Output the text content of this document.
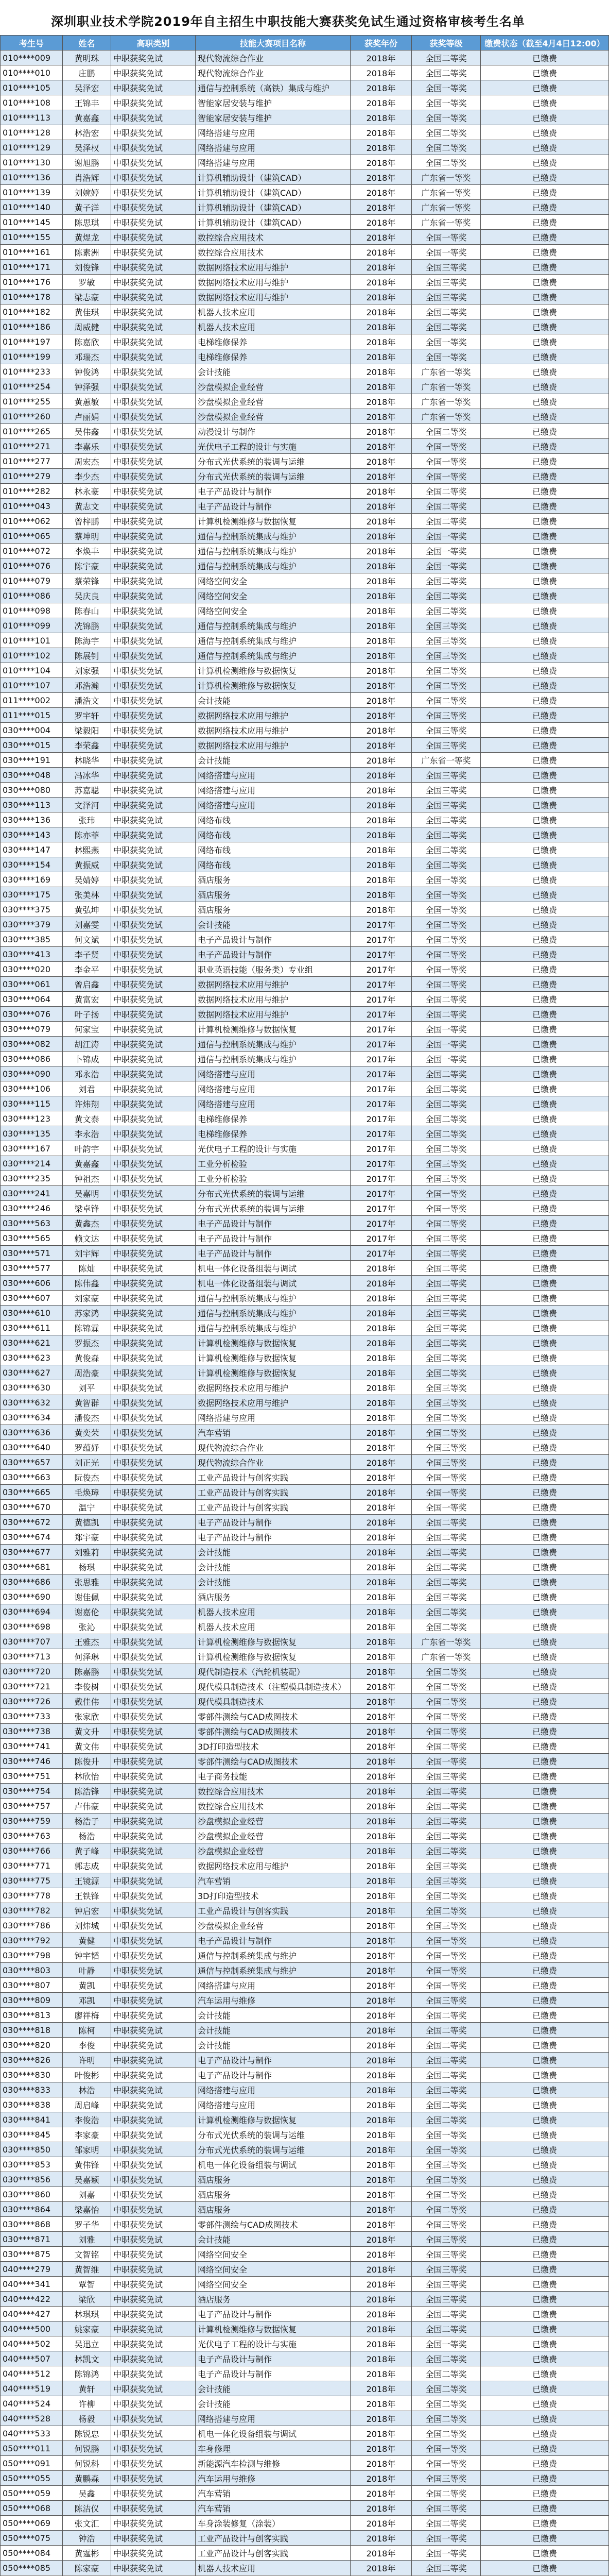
深圳职业技术学院2019年自主招生中职技能大赛获奖免试生通过资格审核考生名单
考生号	姓名	高职类别	技能大赛项目名称	获奖年份	获奖等级	缴费状态（截至4月4日12:00）
010****009	黄明珠	中职获奖免试	现代物流综合作业	2018年	全国二等奖	已缴费
010****010	庄鹏	中职获奖免试	现代物流综合作业	2018年	全国二等奖	已缴费
010****105	吴泽宏	中职获奖免试	通信与控制系统（高铁）集成与维护	2018年	全国一等奖	已缴费
010****108	王锦丰	中职获奖免试	智能家居安装与维护	2018年	全国一等奖	已缴费
010****113	黄嘉鑫	中职获奖免试	智能家居安装与维护	2018年	全国一等奖	已缴费
010****128	林浩宏	中职获奖免试	网络搭建与应用	2018年	全国二等奖	已缴费
010****129	吴泽权	中职获奖免试	网络搭建与应用	2018年	全国二等奖	已缴费
010****130	谢旭鹏	中职获奖免试	网络搭建与应用	2018年	全国二等奖	已缴费
010****136	肖浩辉	中职获奖免试	计算机辅助设计（建筑CAD）	2018年	广东省一等奖	已缴费
010****139	刘婉婷	中职获奖免试	计算机辅助设计（建筑CAD）	2018年	广东省一等奖	已缴费
010****140	黄子洋	中职获奖免试	计算机辅助设计（建筑CAD）	2018年	广东省一等奖	已缴费
010****145	陈思琪	中职获奖免试	计算机辅助设计（建筑CAD）	2018年	广东省一等奖	已缴费
010****155	黄煜龙	中职获奖免试	数控综合应用技术	2018年	全国一等奖	已缴费
010****161	陈素洲	中职获奖免试	数控综合应用技术	2018年	全国一等奖	已缴费
010****171	刘俊锋	中职获奖免试	数据网络技术应用与维护	2018年	全国三等奖	已缴费
010****176	罗敏	中职获奖免试	数据网络技术应用与维护	2018年	全国三等奖	已缴费
010****178	梁志豪	中职获奖免试	数据网络技术应用与维护	2018年	全国三等奖	已缴费
010****182	黄佳琪	中职获奖免试	机器人技术应用	2018年	全国二等奖	已缴费
010****186	周威健	中职获奖免试	机器人技术应用	2018年	全国二等奖	已缴费
010****197	陈嘉欣	中职获奖免试	电梯维修保养	2018年	全国一等奖	已缴费
010****199	邓瑞杰	中职获奖免试	电梯维修保养	2018年	全国一等奖	已缴费
010****233	钟俊鸿	中职获奖免试	会计技能	2018年	广东省一等奖	已缴费
010****254	钟泽强	中职获奖免试	沙盘模拟企业经营	2018年	广东省一等奖	已缴费
010****255	黄蕙敏	中职获奖免试	沙盘模拟企业经营	2018年	广东省一等奖	已缴费
010****260	卢丽娟	中职获奖免试	沙盘模拟企业经营	2018年	广东省一等奖	已缴费
010****265	吴伟鑫	中职获奖免试	动漫设计与制作	2018年	全国二等奖	已缴费
010****271	李嘉乐	中职获奖免试	光伏电子工程的设计与实施	2018年	全国一等奖	已缴费
010****277	周宏杰	中职获奖免试	分布式光伏系统的装调与运维	2018年	全国一等奖	已缴费
010****279	李少杰	中职获奖免试	分布式光伏系统的装调与运维	2018年	全国一等奖	已缴费
010****282	林永豪	中职获奖免试	电子产品设计与制作	2018年	全国二等奖	已缴费
010****043	黄志文	中职获奖免试	电子产品设计与制作	2018年	全国二等奖	已缴费
010****062	曾梓鹏	中职获奖免试	计算机检测维修与数据恢复	2018年	全国二等奖	已缴费
010****065	蔡坤明	中职获奖免试	通信与控制系统集成与维护	2018年	全国一等奖	已缴费
010****072	李焕丰	中职获奖免试	通信与控制系统集成与维护	2018年	全国一等奖	已缴费
010****076	陈宇豪	中职获奖免试	通信与控制系统集成与维护	2018年	全国一等奖	已缴费
010****079	蔡荣锋	中职获奖免试	网络空间安全	2018年	全国二等奖	已缴费
010****086	吴庆良	中职获奖免试	网络空间安全	2018年	全国二等奖	已缴费
010****098	陈春山	中职获奖免试	网络空间安全	2018年	全国二等奖	已缴费
010****099	冼锦鹏	中职获奖免试	通信与控制系统集成与维护	2018年	全国三等奖	已缴费
010****101	陈海宇	中职获奖免试	通信与控制系统集成与维护	2018年	全国三等奖	已缴费
010****102	陈展钊	中职获奖免试	通信与控制系统集成与维护	2018年	全国三等奖	已缴费
010****104	刘家强	中职获奖免试	计算机检测维修与数据恢复	2018年	全国二等奖	已缴费
010****107	邓浩瀚	中职获奖免试	计算机检测维修与数据恢复	2018年	全国二等奖	已缴费
011****002	潘浩文	中职获奖免试	会计技能	2018年	全国二等奖	已缴费
011****015	罗宇轩	中职获奖免试	数据网络技术应用与维护	2018年	全国三等奖	已缴费
030****004	梁毅阳	中职获奖免试	数据网络技术应用与维护	2018年	全国三等奖	已缴费
030****015	李荣鑫	中职获奖免试	数据网络技术应用与维护	2018年	全国三等奖	已缴费
030****191	林晓华	中职获奖免试	会计技能	2018年	广东省一等奖	已缴费
030****048	冯冰华	中职获奖免试	网络搭建与应用	2018年	全国三等奖	已缴费
030****080	苏嘉聪	中职获奖免试	网络搭建与应用	2018年	全国三等奖	已缴费
030****113	文泽河	中职获奖免试	网络搭建与应用	2018年	全国三等奖	已缴费
030****136	张玮	中职获奖免试	网络布线	2018年	全国二等奖	已缴费
030****143	陈亦菲	中职获奖免试	网络布线	2018年	全国二等奖	已缴费
030****147	林熙燕	中职获奖免试	网络布线	2018年	全国二等奖	已缴费
030****154	黄振威	中职获奖免试	网络布线	2018年	全国二等奖	已缴费
030****169	吴婧婷	中职获奖免试	酒店服务	2018年	全国一等奖	已缴费
030****175	张美林	中职获奖免试	酒店服务	2018年	全国一等奖	已缴费
030****375	黄弘坤	中职获奖免试	酒店服务	2018年	全国一等奖	已缴费
030****379	刘嘉雯	中职获奖免试	会计技能	2017年	全国二等奖	已缴费
030****385	何文斌	中职获奖免试	电子产品设计与制作	2017年	全国二等奖	已缴费
030****413	李子贤	中职获奖免试	电子产品设计与制作	2017年	全国二等奖	已缴费
030****020	李金平	中职获奖免试	职业英语技能（服务类）专业组	2017年	全国一等奖	已缴费
030****061	曾启鑫	中职获奖免试	数据网络技术应用与维护	2017年	全国二等奖	已缴费
030****064	黄富宏	中职获奖免试	数据网络技术应用与维护	2017年	全国二等奖	已缴费
030****076	叶子扬	中职获奖免试	数据网络技术应用与维护	2017年	全国二等奖	已缴费
030****079	何家宝	中职获奖免试	计算机检测维修与数据恢复	2017年	全国一等奖	已缴费
030****082	胡江涛	中职获奖免试	通信与控制系统集成与维护	2017年	全国一等奖	已缴费
030****086	卜锦成	中职获奖免试	通信与控制系统集成与维护	2017年	全国一等奖	已缴费
030****090	邓永浩	中职获奖免试	网络搭建与应用	2017年	全国二等奖	已缴费
030****106	刘君	中职获奖免试	网络搭建与应用	2017年	全国二等奖	已缴费
030****115	许炜翔	中职获奖免试	网络搭建与应用	2017年	全国二等奖	已缴费
030****123	黄文泰	中职获奖免试	电梯维修保养	2017年	全国二等奖	已缴费
030****135	李永浩	中职获奖免试	电梯维修保养	2017年	全国二等奖	已缴费
030****167	叶韵宇	中职获奖免试	光伏电子工程的设计与实施	2017年	全国二等奖	已缴费
030****214	黄嘉鑫	中职获奖免试	工业分析检验	2017年	全国三等奖	已缴费
030****235	钟祖杰	中职获奖免试	工业分析检验	2017年	全国三等奖	已缴费
030****241	吴嘉明	中职获奖免试	分布式光伏系统的装调与运维	2017年	全国一等奖	已缴费
030****246	梁卓锋	中职获奖免试	分布式光伏系统的装调与运维	2017年	全国一等奖	已缴费
030****563	黄鑫杰	中职获奖免试	电子产品设计与制作	2017年	全国二等奖	已缴费
030****565	赖文达	中职获奖免试	电子产品设计与制作	2017年	全国二等奖	已缴费
030****571	刘宇辉	中职获奖免试	电子产品设计与制作	2017年	全国二等奖	已缴费
030****577	陈灿	中职获奖免试	机电一体化设备组装与调试	2018年	全国二等奖	已缴费
030****606	陈伟鑫	中职获奖免试	机电一体化设备组装与调试	2018年	全国二等奖	已缴费
030****607	刘家豪	中职获奖免试	通信与控制系统集成与维护	2018年	全国三等奖	已缴费
030****610	苏家鸿	中职获奖免试	通信与控制系统集成与维护	2018年	全国三等奖	已缴费
030****611	陈锦霖	中职获奖免试	通信与控制系统集成与维护	2018年	全国三等奖	已缴费
030****621	罗振杰	中职获奖免试	计算机检测维修与数据恢复	2018年	全国二等奖	已缴费
030****623	黄俊森	中职获奖免试	计算机检测维修与数据恢复	2018年	全国二等奖	已缴费
030****627	周浩豪	中职获奖免试	计算机检测维修与数据恢复	2018年	全国二等奖	已缴费
030****630	刘平	中职获奖免试	数据网络技术应用与维护	2018年	全国三等奖	已缴费
030****632	黄智群	中职获奖免试	数据网络技术应用与维护	2018年	全国三等奖	已缴费
030****634	潘俊杰	中职获奖免试	网络搭建与应用	2018年	全国二等奖	已缴费
030****636	黄奕荣	中职获奖免试	汽车营销	2018年	全国二等奖	已缴费
030****640	罗蕴妤	中职获奖免试	现代物流综合作业	2018年	全国三等奖	已缴费
030****657	刘正光	中职获奖免试	现代物流综合作业	2018年	全国三等奖	已缴费
030****663	阮俊杰	中职获奖免试	工业产品设计与创客实践	2018年	全国一等奖	已缴费
030****665	毛焕璋	中职获奖免试	工业产品设计与创客实践	2018年	全国一等奖	已缴费
030****670	温宁	中职获奖免试	工业产品设计与创客实践	2018年	全国一等奖	已缴费
030****672	黄德凯	中职获奖免试	电子产品设计与制作	2018年	全国二等奖	已缴费
030****674	郑宇豪	中职获奖免试	电子产品设计与制作	2018年	全国二等奖	已缴费
030****677	刘雅莉	中职获奖免试	会计技能	2018年	全国二等奖	已缴费
030****681	杨琪	中职获奖免试	会计技能	2018年	全国二等奖	已缴费
030****686	张思雅	中职获奖免试	会计技能	2018年	全国二等奖	已缴费
030****690	谢佳佩	中职获奖免试	酒店服务	2018年	全国三等奖	已缴费
030****694	谢嘉伦	中职获奖免试	机器人技术应用	2018年	全国二等奖	已缴费
030****698	张沁	中职获奖免试	机器人技术应用	2018年	全国二等奖	已缴费
030****707	王雅杰	中职获奖免试	计算机检测维修与数据恢复	2018年	广东省一等奖	已缴费
030****713	何泽琳	中职获奖免试	计算机检测维修与数据恢复	2018年	广东省一等奖	已缴费
030****720	陈嘉鹏	中职获奖免试	现代制造技术（汽轮机装配）	2018年	全国二等奖	已缴费
030****721	李俊树	中职获奖免试	现代模具制造技术（注塑模具制造技术）	2018年	全国二等奖	已缴费
030****726	戴佳伟	中职获奖免试	现代模具制造技术	2018年	全国二等奖	已缴费
030****733	张家欣	中职获奖免试	零部件测绘与CAD成图技术	2018年	全国二等奖	已缴费
030****738	黄文升	中职获奖免试	零部件测绘与CAD成图技术	2018年	全国二等奖	已缴费
030****741	黄文伟	中职获奖免试	3D打印造型技术	2018年	全国二等奖	已缴费
030****746	陈俊升	中职获奖免试	零部件测绘与CAD成图技术	2018年	全国一等奖	已缴费
030****751	林欣怡	中职获奖免试	电子商务技能	2018年	全国三等奖	已缴费
030****754	陈浩锋	中职获奖免试	数控综合应用技术	2018年	全国二等奖	已缴费
030****757	卢伟豪	中职获奖免试	数控综合应用技术	2018年	全国二等奖	已缴费
030****759	杨浩子	中职获奖免试	沙盘模拟企业经营	2018年	全国二等奖	已缴费
030****763	杨浩	中职获奖免试	沙盘模拟企业经营	2018年	全国二等奖	已缴费
030****766	黄子峰	中职获奖免试	沙盘模拟企业经营	2018年	全国二等奖	已缴费
030****771	郭志成	中职获奖免试	数据网络技术应用与维护	2018年	全国三等奖	已缴费
030****775	王镜源	中职获奖免试	汽车营销	2018年	全国三等奖	已缴费
030****778	王铁锋	中职获奖免试	3D打印造型技术	2018年	全国二等奖	已缴费
030****782	钟启宏	中职获奖免试	工业产品设计与创客实践	2018年	全国二等奖	已缴费
030****786	刘炜城	中职获奖免试	沙盘模拟企业经营	2018年	全国三等奖	已缴费
030****792	黄健	中职获奖免试	电子产品设计与制作	2018年	全国一等奖	已缴费
030****798	钟宇韬	中职获奖免试	通信与控制系统集成与维护	2018年	全国一等奖	已缴费
030****803	叶静	中职获奖免试	通信与控制系统集成与维护	2018年	全国一等奖	已缴费
030****807	黄凯	中职获奖免试	网络搭建与应用	2018年	全国一等奖	已缴费
030****809	邓凯	中职获奖免试	汽车运用与维修	2018年	全国三等奖	已缴费
030****813	廖祥梅	中职获奖免试	会计技能	2018年	全国二等奖	已缴费
030****818	陈柯	中职获奖免试	会计技能	2018年	全国二等奖	已缴费
030****820	李俊	中职获奖免试	会计技能	2018年	全国二等奖	已缴费
030****826	许明	中职获奖免试	电子产品设计与制作	2018年	全国二等奖	已缴费
030****830	叶俊彬	中职获奖免试	电子产品设计与制作	2018年	全国二等奖	已缴费
030****833	林浩	中职获奖免试	网络搭建与应用	2018年	全国二等奖	已缴费
030****838	周启峰	中职获奖免试	网络搭建与应用	2018年	全国二等奖	已缴费
030****841	李俊浩	中职获奖免试	计算机检测维修与数据恢复	2018年	全国二等奖	已缴费
030****845	李家豪	中职获奖免试	分布式光伏系统的装调与运维	2018年	全国一等奖	已缴费
030****850	邹家明	中职获奖免试	分布式光伏系统的装调与运维	2018年	全国一等奖	已缴费
030****853	黄伟锋	中职获奖免试	机电一体化设备组装与调试	2018年	全国三等奖	已缴费
030****856	吴嘉颖	中职获奖免试	酒店服务	2018年	全国二等奖	已缴费
030****860	刘嘉	中职获奖免试	酒店服务	2018年	全国二等奖	已缴费
030****864	梁嘉怡	中职获奖免试	酒店服务	2018年	全国二等奖	已缴费
030****868	罗子华	中职获奖免试	零部件测绘与CAD成图技术	2018年	全国三等奖	已缴费
030****871	刘雅	中职获奖免试	会计技能	2018年	全国三等奖	已缴费
030****875	文智铭	中职获奖免试	网络空间安全	2018年	全国三等奖	已缴费
040****279	黄智维	中职获奖免试	网络空间安全	2018年	全国三等奖	已缴费
040****341	覃智	中职获奖免试	网络空间安全	2018年	全国三等奖	已缴费
040****422	梁欣	中职获奖免试	酒店服务	2018年	全国三等奖	已缴费
040****427	林琪琪	中职获奖免试	电子产品设计与制作	2018年	全国二等奖	已缴费
040****500	姚家豪	中职获奖免试	计算机检测维修与数据恢复	2018年	全国二等奖	已缴费
040****502	吴迅立	中职获奖免试	光伏电子工程的设计与实施	2018年	全国一等奖	已缴费
040****507	林凯文	中职获奖免试	电子产品设计与制作	2018年	全国二等奖	已缴费
040****512	陈锦鸿	中职获奖免试	电子产品设计与制作	2018年	全国二等奖	已缴费
040****519	黄轩	中职获奖免试	会计技能	2018年	全国二等奖	已缴费
040****524	许柳	中职获奖免试	会计技能	2018年	全国二等奖	已缴费
040****528	杨毅	中职获奖免试	网络搭建与应用	2018年	全国二等奖	已缴费
040****533	陈锐忠	中职获奖免试	机电一体化设备组装与调试	2018年	全国二等奖	已缴费
050****011	何锐鹏	中职获奖免试	车身修理	2018年	全国一等奖	已缴费
050****091	何锐科	中职获奖免试	新能源汽车检测与维修	2018年	全国一等奖	已缴费
050****055	黄鹏森	中职获奖免试	汽车运用与维修	2018年	全国三等奖	已缴费
050****059	吴鑫	中职获奖免试	汽车营销	2018年	全国二等奖	已缴费
050****068	陈洁仪	中职获奖免试	汽车营销	2018年	全国二等奖	已缴费
050****069	张文汇	中职获奖免试	车身涂装修复（涂装）	2018年	全国二等奖	已缴费
050****075	钟浩	中职获奖免试	工业产品设计与创客实践	2018年	全国一等奖	已缴费
050****084	黄霆彬	中职获奖免试	工业产品设计与创客实践	2018年	全国一等奖	已缴费
050****085	陈家豪	中职获奖免试	机器人技术应用	2018年	全国二等奖	已缴费
